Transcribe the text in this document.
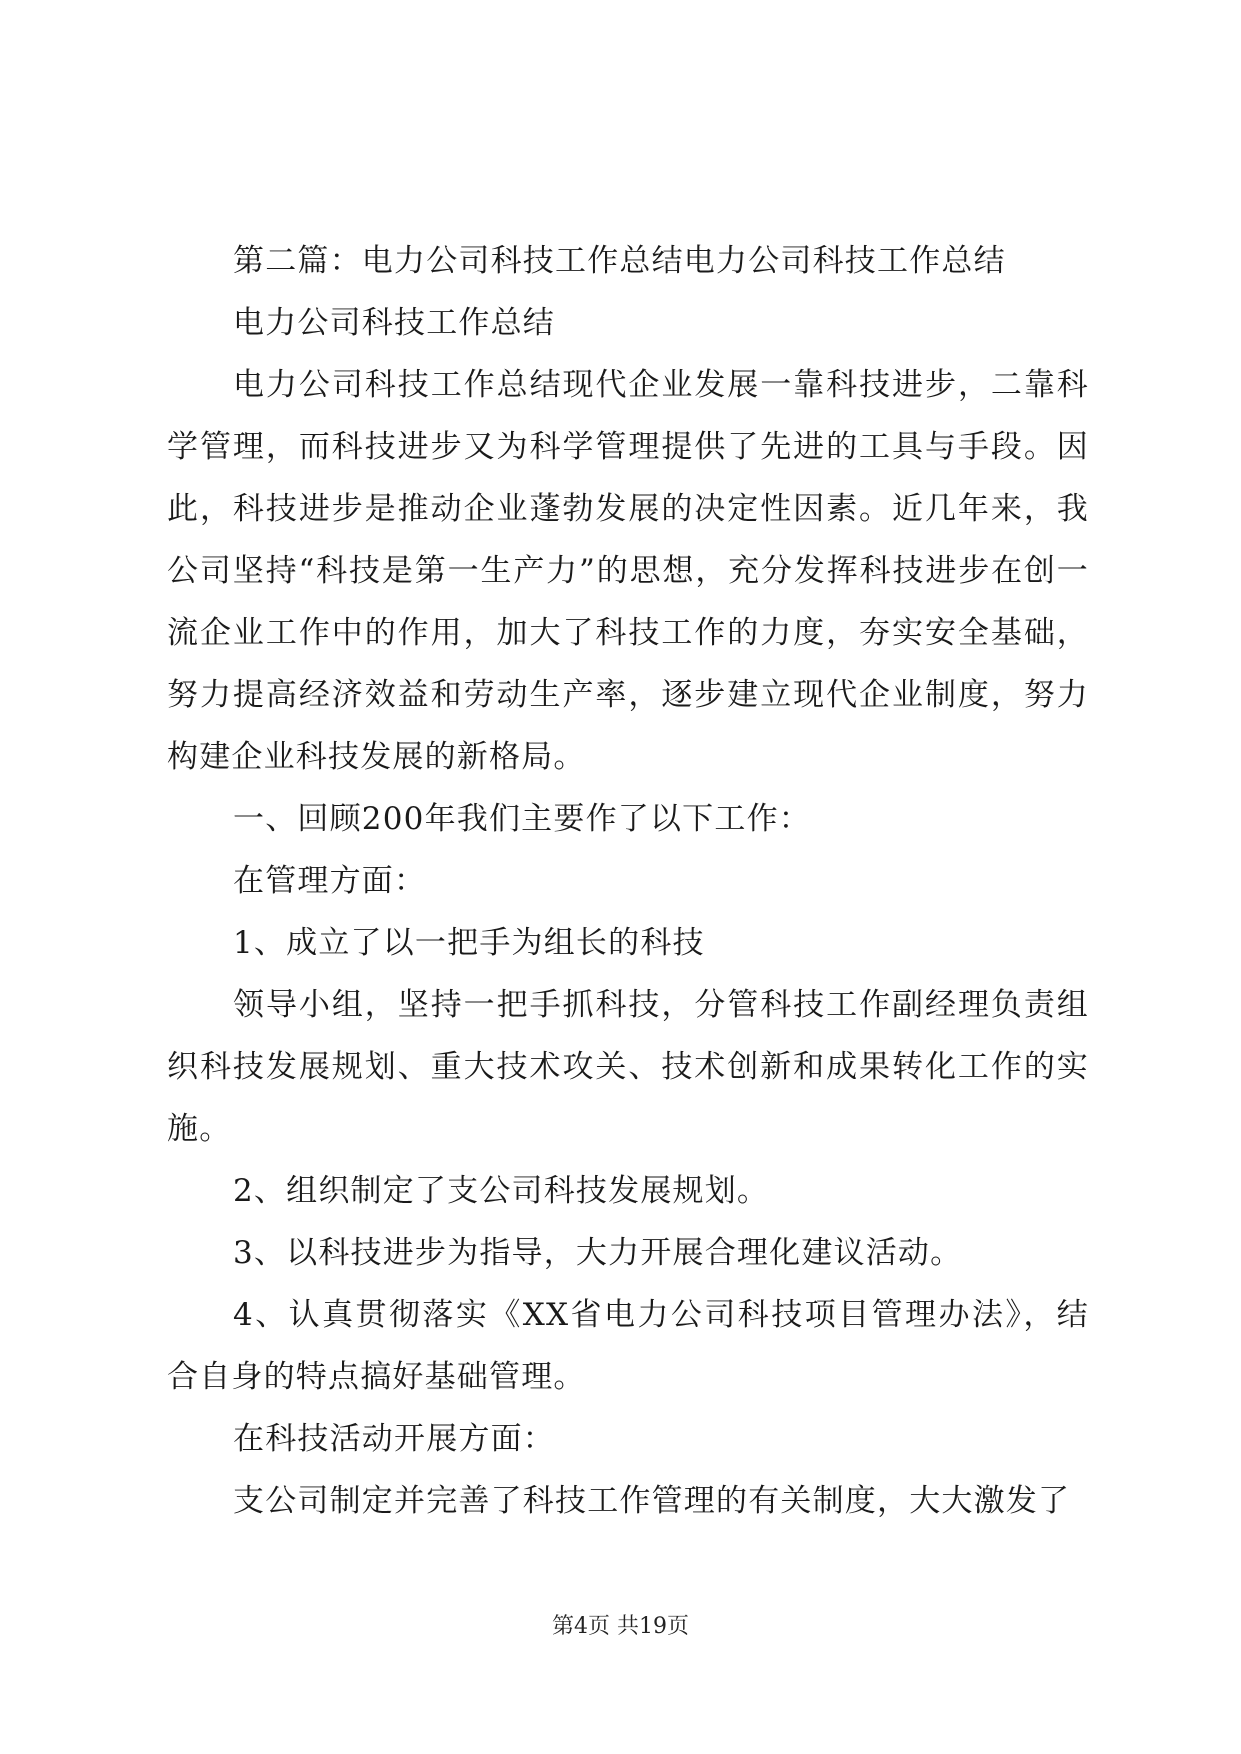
第二篇：电力公司科技工作总结电力公司科技工作总结

电力公司科技工作总结

电力公司科技工作总结现代企业发展一靠科技进步，二靠科学管理，而科技进步又为科学管理提供了先进的工具与手段。因此，科技进步是推动企业蓬勃发展的决定性因素。近几年来，我公司坚持“科技是第一生产力”的思想，充分发挥科技进步在创一流企业工作中的作用，加大了科技工作的力度，夯实安全基础，努力提高经济效益和劳动生产率，逐步建立现代企业制度，努力构建企业科技发展的新格局。

一、回顾200年我们主要作了以下工作：

在管理方面：

1、成立了以一把手为组长的科技

领导小组，坚持一把手抓科技，分管科技工作副经理负责组织科技发展规划、重大技术攻关、技术创新和成果转化工作的实施。

2、组织制定了支公司科技发展规划。

3、以科技进步为指导，大力开展合理化建议活动。

4、认真贯彻落实《XX省电力公司科技项目管理办法》，结合自身的特点搞好基础管理。

在科技活动开展方面：

支公司制定并完善了科技工作管理的有关制度，大大激发了

第4页 共19页
